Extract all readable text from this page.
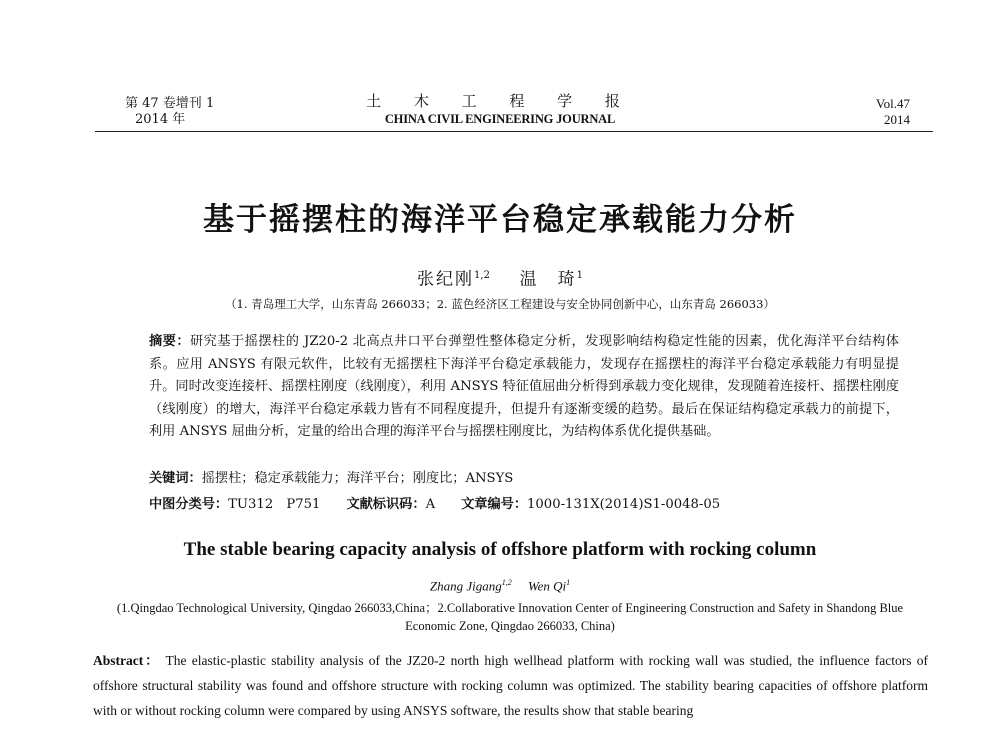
第 47 卷增刊 1
2014 年
土 木 工 程 学 报
CHINA CIVIL ENGINEERING JOURNAL
Vol.47
2014
基于摇摆柱的海洋平台稳定承载能力分析
张纪刚$^{1,2}$ 温　琦$^1$
（1. 青岛理工大学，山东青岛 266033；2. 蓝色经济区工程建设与安全协同创新中心，山东青岛 266033）
摘要：研究基于摇摆柱的 JZ20-2 北高点井口平台弹塑性整体稳定分析，发现影响结构稳定性能的因素，优化海洋平台结构体系。应用 ANSYS 有限元软件，比较有无摇摆柱下海洋平台稳定承载能力，发现存在摇摆柱的海洋平台稳定承载能力有明显提升。同时改变连接杆、摇摆柱刚度（线刚度），利用 ANSYS 特征值屈曲分析得到承载力变化规律，发现随着连接杆、摇摆柱刚度（线刚度）的增大，海洋平台稳定承载力皆有不同程度提升，但提升有逐渐变缓的趋势。最后在保证结构稳定承载力的前提下，利用 ANSYS 屈曲分析，定量的给出合理的海洋平台与摇摆柱刚度比，为结构体系优化提供基础。
关键词：摇摆柱；稳定承载能力；海洋平台；刚度比；ANSYS
中图分类号：TU312　P751 文献标识码：A 文章编号：1000-131X(2014)S1-0048-05
The stable bearing capacity analysis of offshore platform with rocking column
Zhang Jigang$^{1,2}$ Wen Qi$^1$
(1.Qingdao Technological University, Qingdao 266033,China；2.Collaborative Innovation Center of Engineering Construction and Safety in Shandong Blue Economic Zone, Qingdao 266033, China)
Abstract： The elastic-plastic stability analysis of the JZ20-2 north high wellhead platform with rocking wall was studied, the influence factors of offshore structural stability was found and offshore structure with rocking column was optimized. The stability bearing capacities of offshore platform with or without rocking column were compared by using ANSYS software, the results show that stable bearing
